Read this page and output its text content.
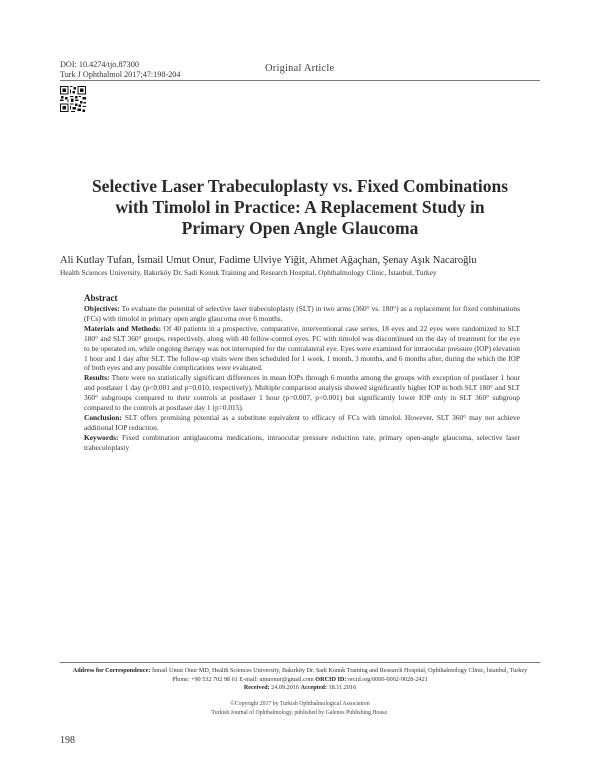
DOI: 10.4274/tjo.87300
Turk J Ophthalmol 2017;47:198-204
Original Article
Selective Laser Trabeculoplasty vs. Fixed Combinations
with Timolol in Practice: A Replacement Study in
Primary Open Angle Glaucoma
Ali Kutlay Tufan, İsmail Umut Onur, Fadime Ulviye Yiğit, Ahmet Ağaçhan, Şenay Aşık Nacaroğlu
Health Sciences University, Bakırköy Dr. Sadi Konuk Training and Research Hospital, Ophthalmology Clinic, İstanbul, Turkey
Abstract

Objectives: To evaluate the potential of selective laser trabeculoplasty (SLT) in two arms (360° vs. 180°) as a replacement for fixed combinations (FCs) with timolol in primary open angle glaucoma over 6 months.

Materials and Methods: Of 40 patients in a prospective, comparative, interventional case series, 18 eyes and 22 eyes were randomized to SLT 180° and SLT 360° groups, respectively, along with 40 fellow-control eyes. FC with timolol was discontinued on the day of treatment for the eye to be operated on, while ongoing therapy was not interrupted for the contralateral eye. Eyes were examined for intraocular pressure (IOP) elevation 1 hour and 1 day after SLT. The follow-up visits were then scheduled for 1 week, 1 month, 3 months, and 6 months after, during the which the IOP of both eyes and any possible complications were evaluated.

Results: There were no statistically significant differences in mean IOPs through 6 months among the groups with exception of postlaser 1 hour and postlaser 1 day (p<0.001 and p=0.010, respectively). Multiple comparison analysis showed significantly higher IOP in both SLT 180° and SLT 360° subgroups compared to their controls at postlaser 1 hour (p=0.007, p<0.001) but significantly lower IOP only in SLT 360° subgroup compared to the controls at postlaser day 1 (p=0.015).

Conclusion: SLT offers promising potential as a substitute equivalent to efficacy of FCs with timolol. However, SLT 360° may not achieve additional IOP reduction.

Keywords: Fixed combination antiglaucoma medications, intraocular pressure reduction rate, primary open-angle glaucoma, selective laser trabeculoplasty

Address for Correspondence: İsmail Umut Onur MD, Health Sciences University, Bakırköy Dr. Sadi Konuk Training and Research Hospital, Ophthalmology Clinic, İstanbul, Turkey
Phone: +90 532 702 98 61 E-mail: umuonur@gmail.com ORCID ID: orcid.org/0000-0002-9028-2421
Received: 24.09.2016 Accepted: 18.11.2016
©Copyright 2017 by Turkish Ophthalmological Association
Turkish Journal of Ophthalmology, published by Galenos Publishing House.
198
